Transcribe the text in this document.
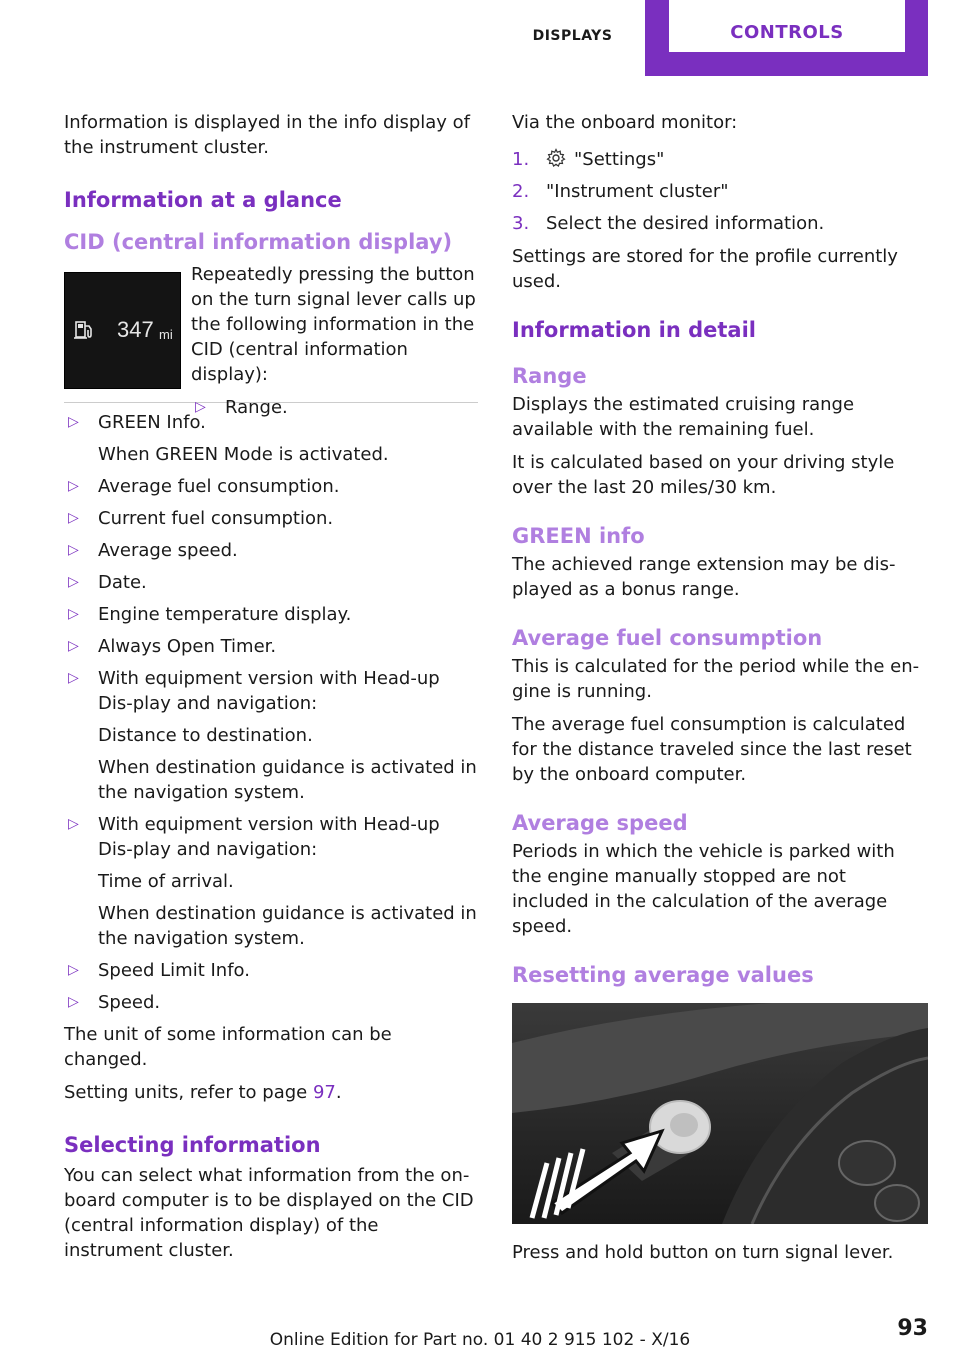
DISPLAYS	CONTROLS

Information is displayed in the info display of the instrument cluster.

Information at a glance
CID (central information display)
347 mi

Repeatedly pressing the button on the turn signal lever calls up the following information in the CID (central information display):

▷ Range.
▷ GREEN Info.

When GREEN Mode is activated.

▷ Average fuel consumption.
▷ Current fuel consumption.
▷ Average speed.
▷ Date.
▷ Engine temperature display.
▷ Always Open Timer.
▷ With equipment version with Head-up Dis‐play and navigation:

Distance to destination.

When destination guidance is activated in the navigation system.

▷ With equipment version with Head-up Dis‐play and navigation:

Time of arrival.

When destination guidance is activated in the navigation system.

▷ Speed Limit Info.
▷ Speed.

The unit of some information can be changed.

Setting units, refer to page 97.

Selecting information

You can select what information from the on‐board computer is to be displayed on the CID (central information display) of the instrument cluster.

Via the onboard monitor:

1. "Settings"
2. "Instrument cluster"
3. Select the desired information.

Settings are stored for the profile currently used.

Information in detail
Range

Displays the estimated cruising range available with the remaining fuel.

It is calculated based on your driving style over the last 20 miles/30 km.

GREEN info

The achieved range extension may be dis‐played as a bonus range.

Average fuel consumption

This is calculated for the period while the en‐gine is running.

The average fuel consumption is calculated for the distance traveled since the last reset by the onboard computer.

Average speed

Periods in which the vehicle is parked with the engine manually stopped are not included in the calculation of the average speed.

Resetting average values

Press and hold button on turn signal lever.

Online Edition for Part no. 01 40 2 915 102 - X/16	93
